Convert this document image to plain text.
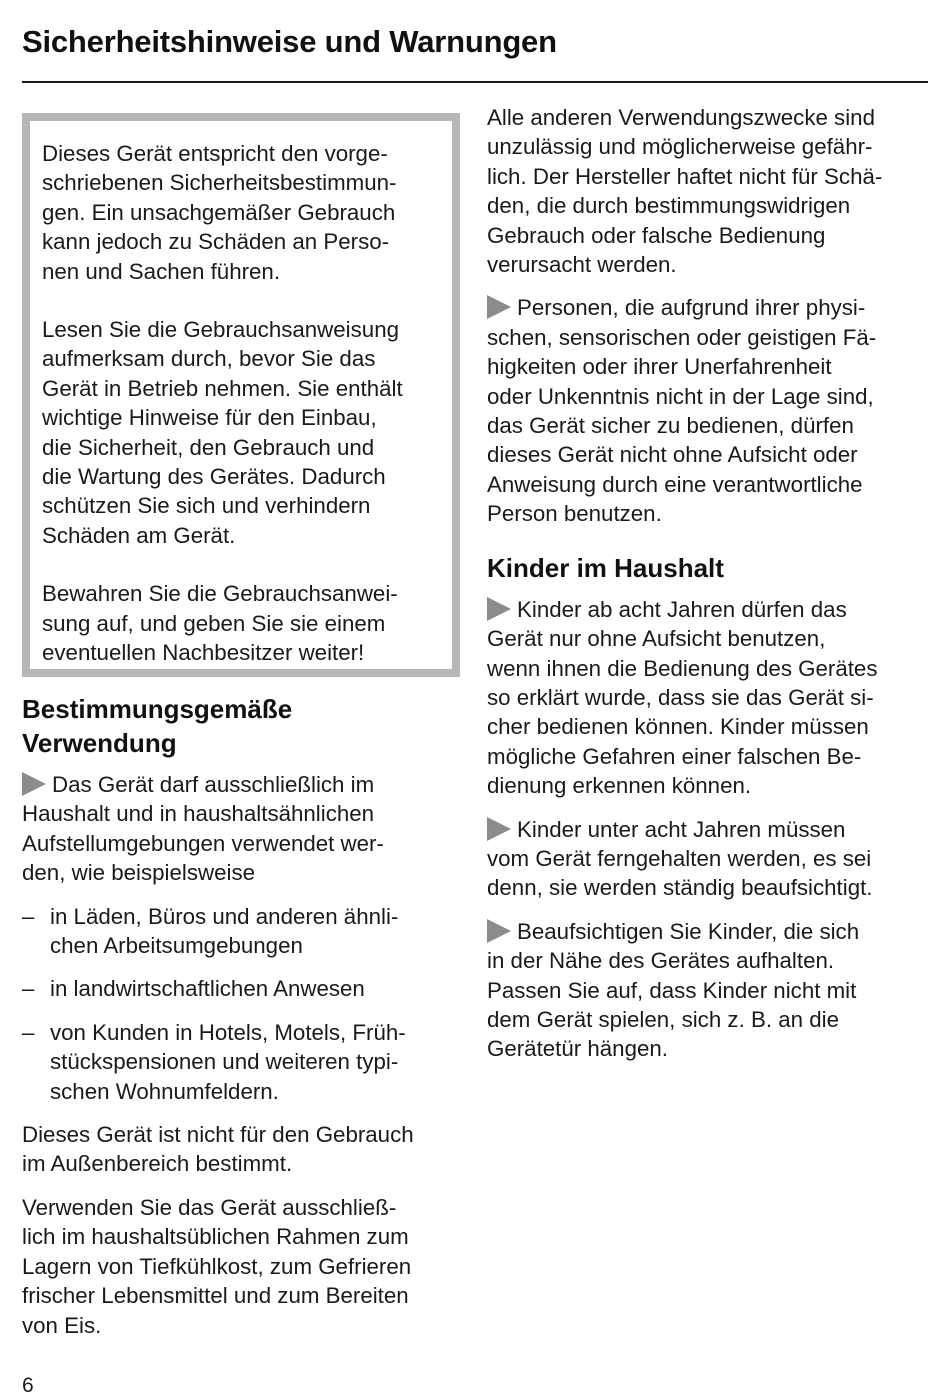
Sicherheitshinweise und Warnungen

Dieses Gerät entspricht den vorge-
schriebenen Sicherheitsbestimmun-
gen. Ein unsachgemäßer Gebrauch
kann jedoch zu Schäden an Perso-
nen und Sachen führen.

Lesen Sie die Gebrauchsanweisung
aufmerksam durch, bevor Sie das
Gerät in Betrieb nehmen. Sie enthält
wichtige Hinweise für den Einbau,
die Sicherheit, den Gebrauch und
die Wartung des Gerätes. Dadurch
schützen Sie sich und verhindern
Schäden am Gerät.

Bewahren Sie die Gebrauchsanwei-
sung auf, und geben Sie sie einem
eventuellen Nachbesitzer weiter!

Bestimmungsgemäße
Verwendung

Das Gerät darf ausschließlich im
Haushalt und in haushaltsähnlichen
Aufstellumgebungen verwendet wer-
den, wie beispielsweise

– in Läden, Büros und anderen ähnli-
chen Arbeitsumgebungen

– in landwirtschaftlichen Anwesen

– von Kunden in Hotels, Motels, Früh-
stückspensionen und weiteren typi-
schen Wohnumfeldern.

Dieses Gerät ist nicht für den Gebrauch
im Außenbereich bestimmt.

Verwenden Sie das Gerät ausschließ-
lich im haushaltsüblichen Rahmen zum
Lagern von Tiefkühlkost, zum Gefrieren
frischer Lebensmittel und zum Bereiten
von Eis.

Alle anderen Verwendungszwecke sind
unzulässig und möglicherweise gefähr-
lich. Der Hersteller haftet nicht für Schä-
den, die durch bestimmungswidrigen
Gebrauch oder falsche Bedienung
verursacht werden.

Personen, die aufgrund ihrer physi-
schen, sensorischen oder geistigen Fä-
higkeiten oder ihrer Unerfahrenheit
oder Unkenntnis nicht in der Lage sind,
das Gerät sicher zu bedienen, dürfen
dieses Gerät nicht ohne Aufsicht oder
Anweisung durch eine verantwortliche
Person benutzen.

Kinder im Haushalt

Kinder ab acht Jahren dürfen das
Gerät nur ohne Aufsicht benutzen,
wenn ihnen die Bedienung des Gerätes
so erklärt wurde, dass sie das Gerät si-
cher bedienen können. Kinder müssen
mögliche Gefahren einer falschen Be-
dienung erkennen können.

Kinder unter acht Jahren müssen
vom Gerät ferngehalten werden, es sei
denn, sie werden ständig beaufsichtigt.

Beaufsichtigen Sie Kinder, die sich
in der Nähe des Gerätes aufhalten.
Passen Sie auf, dass Kinder nicht mit
dem Gerät spielen, sich z. B. an die
Gerätetür hängen.

6
